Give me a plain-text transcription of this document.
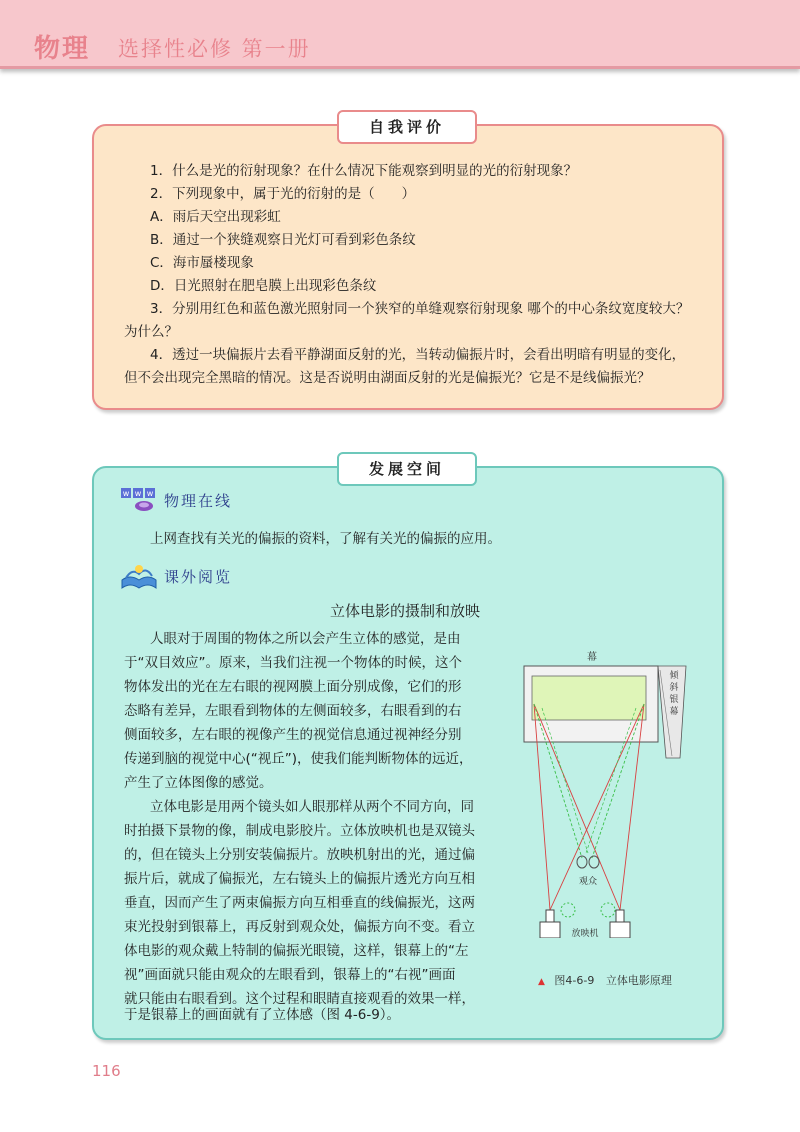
物理 选择性必修 第一册
自我评价
1．什么是光的衍射现象？在什么情况下能观察到明显的光的衍射现象？
2．下列现象中，属于光的衍射的是（　　）
A．雨后天空出现彩虹
B．通过一个狭缝观察日光灯可看到彩色条纹
C．海市蜃楼现象
D．日光照射在肥皂膜上出现彩色条纹
3．分别用红色和蓝色激光照射同一个狭窄的单缝观察衍射现象 哪个的中心条纹宽度较大？
为什么？
4．透过一块偏振片去看平静湖面反射的光，当转动偏振片时，会看出明暗有明显的变化，
但不会出现完全黑暗的情况。这是否说明由湖面反射的光是偏振光？它是不是线偏振光？
发展空间
w w w 物理在线
上网查找有关光的偏振的资料，了解有关光的偏振的应用。
课外阅览
立体电影的摄制和放映
人眼对于周围的物体之所以会产生立体的感觉，是由
于“双目效应”。原来，当我们注视一个物体的时候，这个
物体发出的光在左右眼的视网膜上面分别成像，它们的形
态略有差异，左眼看到物体的左侧面较多，右眼看到的右
侧面较多，左右眼的视像产生的视觉信息通过视神经分别
传递到脑的视觉中心(“视丘”)，使我们能判断物体的远近，
产生了立体图像的感觉。
立体电影是用两个镜头如人眼那样从两个不同方向，同
时拍摄下景物的像，制成电影胶片。立体放映机也是双镜头
的，但在镜头上分别安装偏振片。放映机射出的光，通过偏
振片后，就成了偏振光，左右镜头上的偏振片透光方向互相
垂直，因而产生了两束偏振方向互相垂直的线偏振光，这两
束光投射到银幕上，再反射到观众处，偏振方向不变。看立
体电影的观众戴上特制的偏振光眼镜，这样，银幕上的“左
视”画面就只能由观众的左眼看到，银幕上的“右视”画面
就只能由右眼看到。这个过程和眼睛直接观看的效果一样，
于是银幕上的画面就有了立体感（图 4-6-9）。
幕
倾
斜
银
幕
观众
放映机
▲ 图4-6-9 立体电影原理
116
